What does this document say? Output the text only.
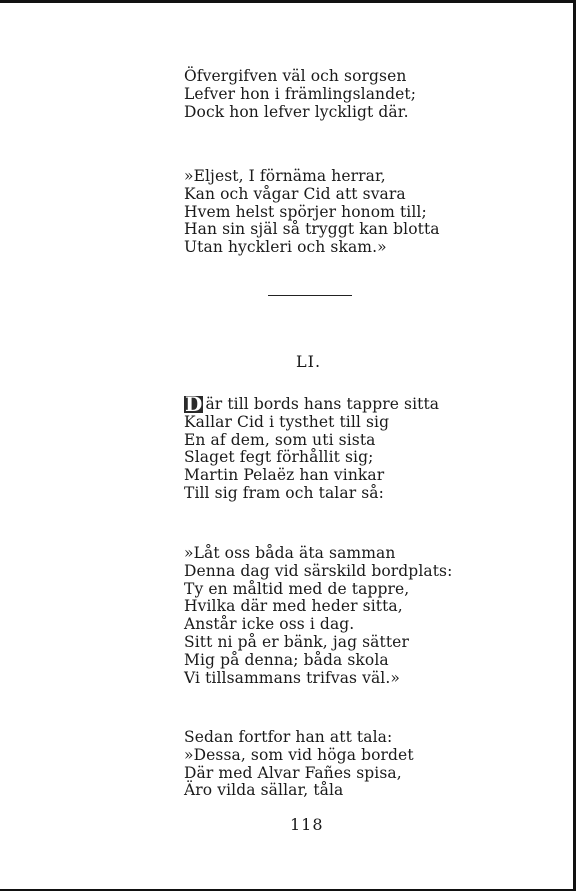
Öfvergifven väl och sorgsen
Lefver hon i främlingslandet;
Dock hon lefver lyckligt där.
»Eljest, I förnäma herrar,
Kan och vågar Cid att svara
Hvem helst spörjer honom till;
Han sin själ så tryggt kan blotta
Utan hyckleri och skam.»
LI.
D är till bords hans tappre sitta
Kallar Cid i tysthet till sig
En af dem, som uti sista
Slaget fegt förhållit sig;
Martin Pelaëz han vinkar
Till sig fram och talar så:
»Låt oss båda äta samman
Denna dag vid särskild bordplats:
Ty en måltid med de tappre,
Hvilka där med heder sitta,
Anstår icke oss i dag.
Sitt ni på er bänk, jag sätter
Mig på denna; båda skola
Vi tillsammans trifvas väl.»
Sedan fortfor han att tala:
»Dessa, som vid höga bordet
Där med Alvar Fañes spisa,
Äro vilda sällar, tåla
118
